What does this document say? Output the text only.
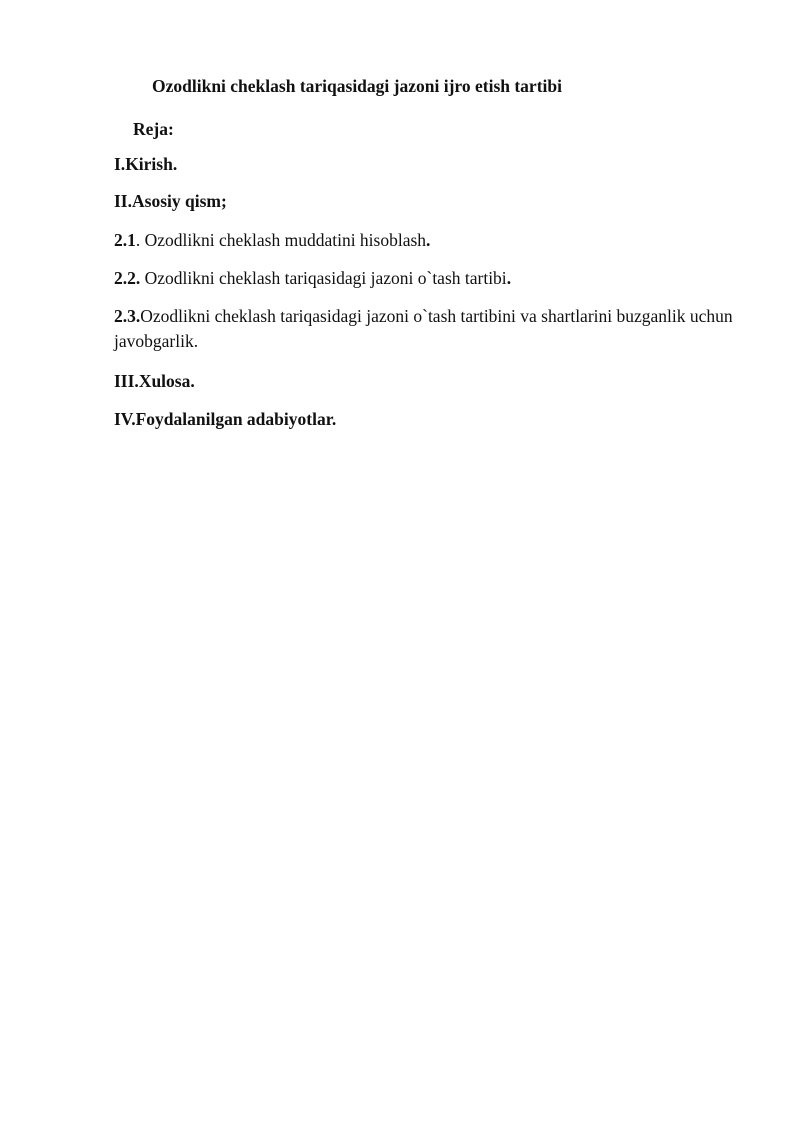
Ozodlikni cheklash tariqasidagi jazoni ijro etish tartibi
Reja:
I.Kirish.
II.Asosiy qism;
2.1. Ozodlikni cheklash muddatini hisoblash.
2.2. Ozodlikni cheklash tariqasidagi jazoni o`tash tartibi.
2.3.Ozodlikni cheklash tariqasidagi jazoni o`tash tartibini va shartlarini buzganlik uchun javobgarlik.
III.Xulosa.
IV.Foydalanilgan adabiyotlar.
